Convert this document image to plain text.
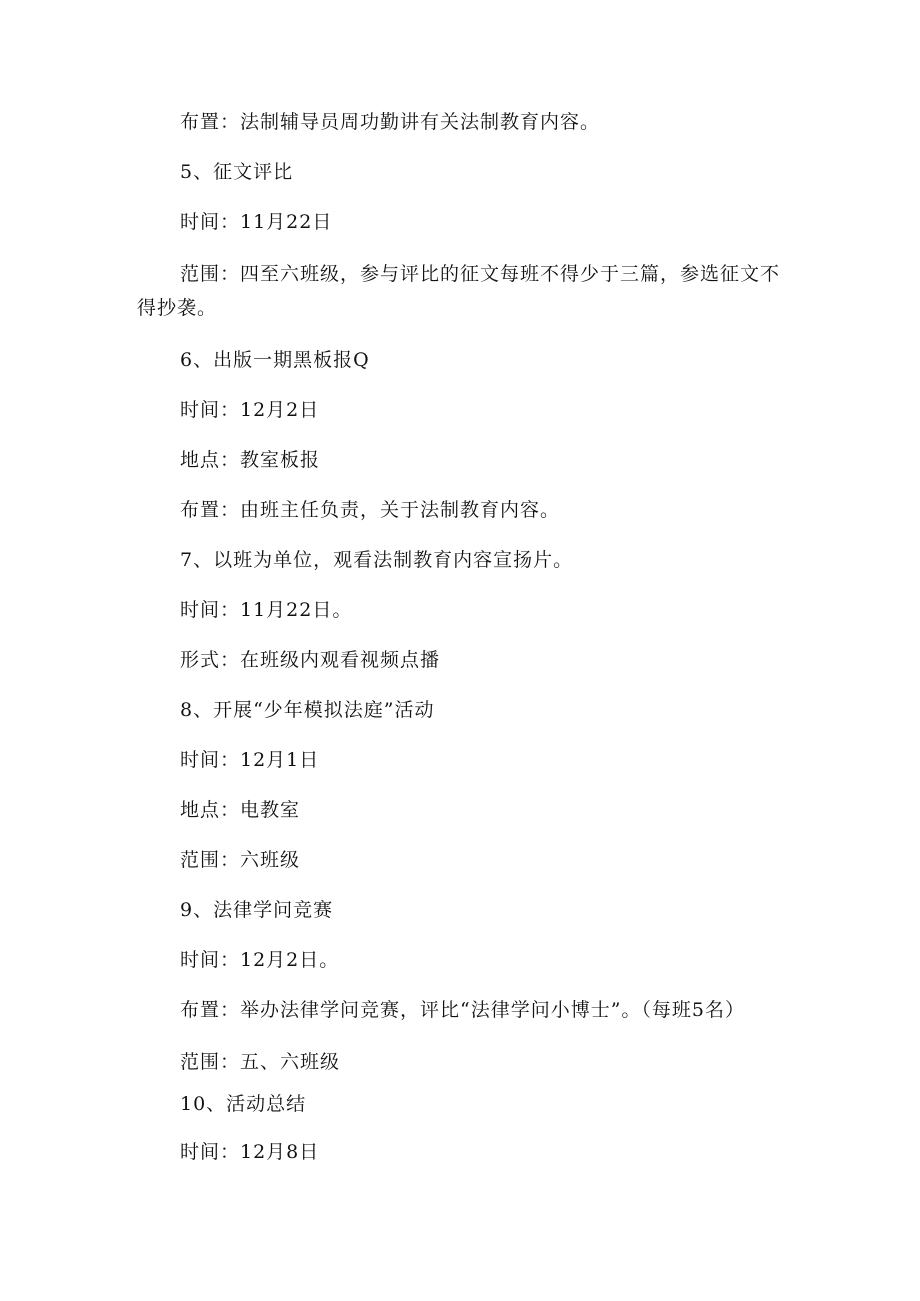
布置：法制辅导员周功勤讲有关法制教育内容。
5、征文评比
时间：11月22日
范围：四至六班级，参与评比的征文每班不得少于三篇，参选征文不
得抄袭。
6、出版一期黑板报Q
时间：12月2日
地点：教室板报
布置：由班主任负责，关于法制教育内容。
7、以班为单位，观看法制教育内容宣扬片。
时间：11月22日。
形式：在班级内观看视频点播
8、开展“少年模拟法庭”活动
时间：12月1日
地点：电教室
范围：六班级
9、法律学问竞赛
时间：12月2日。
布置：举办法律学问竞赛，评比“法律学问小博士”。（每班5名）
范围：五、六班级
10、活动总结
时间：12月8日
